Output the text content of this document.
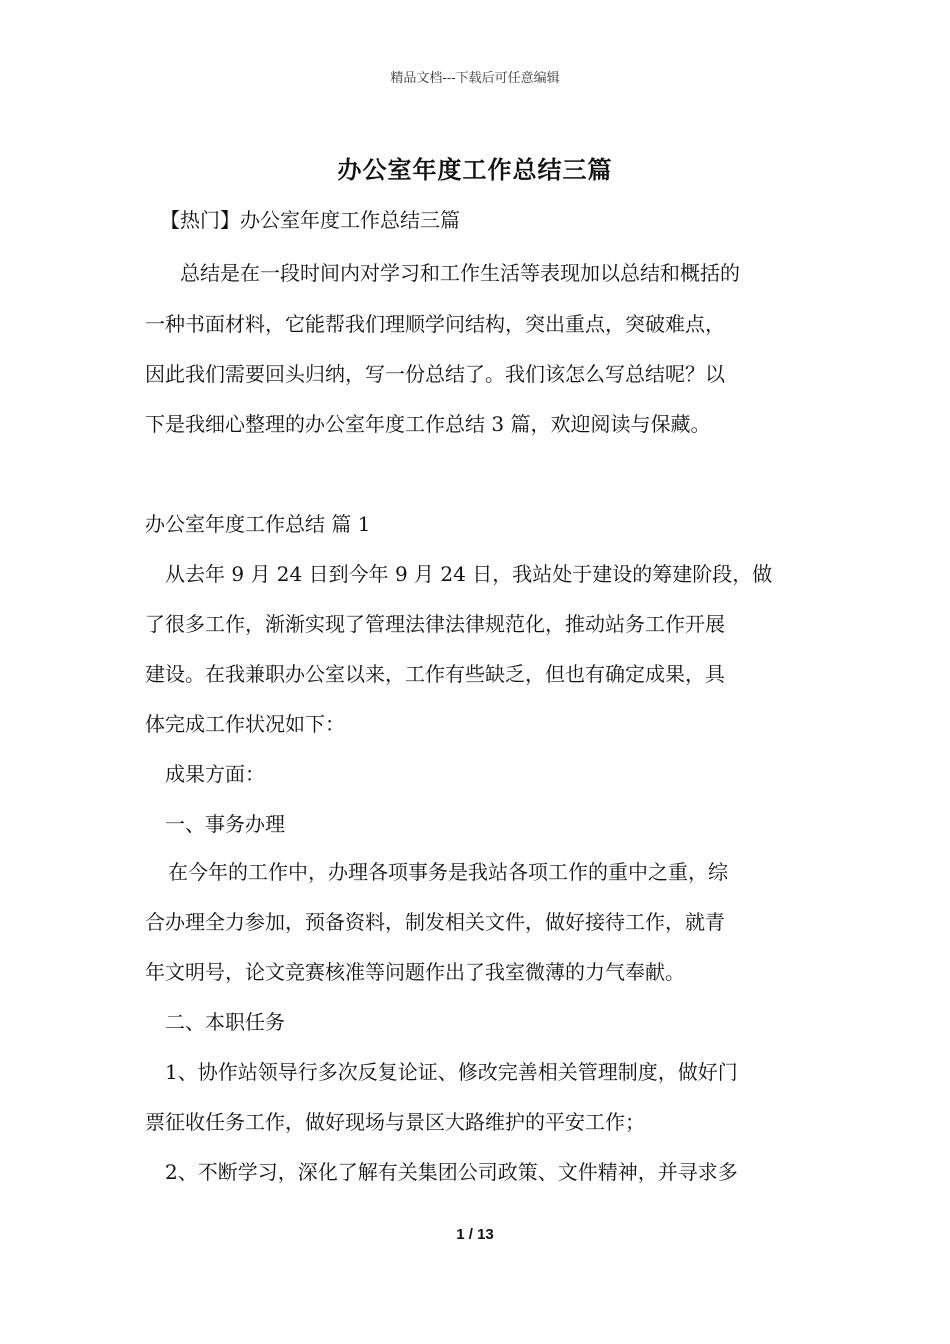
精品文档---下载后可任意编辑
办公室年度工作总结三篇
【热门】办公室年度工作总结三篇
总结是在一段时间内对学习和工作生活等表现加以总结和概括的
一种书面材料，它能帮我们理顺学问结构，突出重点，突破难点，
因此我们需要回头归纳，写一份总结了。我们该怎么写总结呢？以
下是我细心整理的办公室年度工作总结 3 篇，欢迎阅读与保藏。
办公室年度工作总结 篇 1
从去年 9 月 24 日到今年 9 月 24 日，我站处于建设的筹建阶段，做
了很多工作，渐渐实现了管理法律法律规范化，推动站务工作开展
建设。在我兼职办公室以来，工作有些缺乏，但也有确定成果，具
体完成工作状况如下：
成果方面：
一、事务办理
在今年的工作中，办理各项事务是我站各项工作的重中之重，综
合办理全力参加，预备资料，制发相关文件，做好接待工作，就青
年文明号，论文竞赛核准等问题作出了我室微薄的力气奉献。
二、本职任务
1、协作站领导行多次反复论证、修改完善相关管理制度，做好门
票征收任务工作，做好现场与景区大路维护的平安工作；
2、不断学习，深化了解有关集团公司政策、文件精神，并寻求多
1 / 13
